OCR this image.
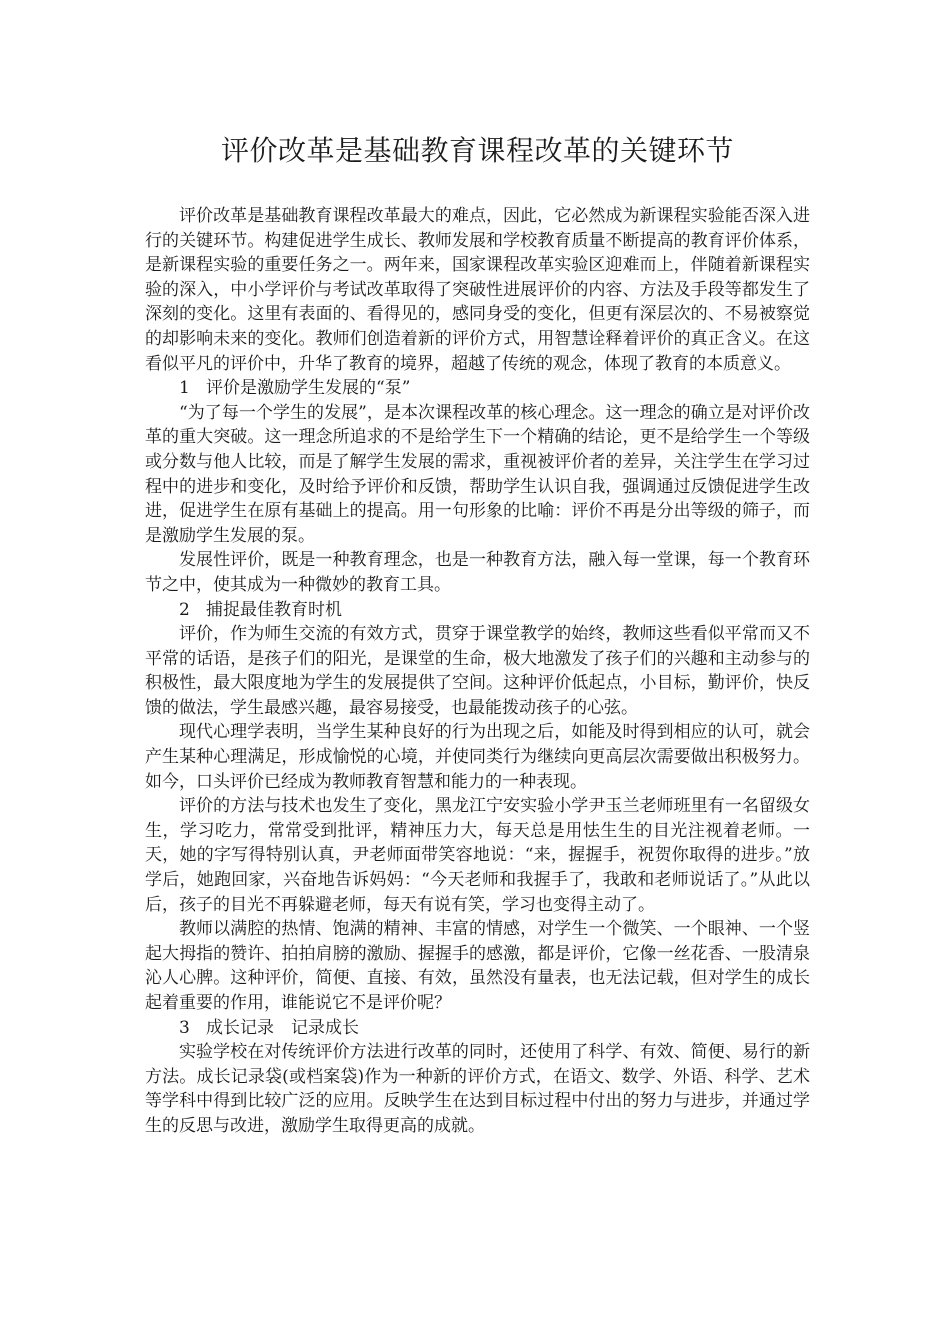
评价改革是基础教育课程改革的关键环节

评价改革是基础教育课程改革最大的难点，因此，它必然成为新课程实验能否深入进行的关键环节。构建促进学生成长、教师发展和学校教育质量不断提高的教育评价体系，是新课程实验的重要任务之一。两年来，国家课程改革实验区迎难而上，伴随着新课程实验的深入，中小学评价与考试改革取得了突破性进展评价的内容、方法及手段等都发生了深刻的变化。这里有表面的、看得见的，感同身受的变化，但更有深层次的、不易被察觉的却影响未来的变化。教师们创造着新的评价方式，用智慧诠释着评价的真正含义。在这看似平凡的评价中，升华了教育的境界，超越了传统的观念，体现了教育的本质意义。

1 评价是激励学生发展的“泵”

“为了每一个学生的发展”，是本次课程改革的核心理念。这一理念的确立是对评价改革的重大突破。这一理念所追求的不是给学生下一个精确的结论，更不是给学生一个等级或分数与他人比较，而是了解学生发展的需求，重视被评价者的差异，关注学生在学习过程中的进步和变化，及时给予评价和反馈，帮助学生认识自我，强调通过反馈促进学生改进，促进学生在原有基础上的提高。用一句形象的比喻：评价不再是分出等级的筛子，而是激励学生发展的泵。

发展性评价，既是一种教育理念，也是一种教育方法，融入每一堂课，每一个教育环节之中，使其成为一种微妙的教育工具。

2 捕捉最佳教育时机

评价，作为师生交流的有效方式，贯穿于课堂教学的始终，教师这些看似平常而又不平常的话语，是孩子们的阳光，是课堂的生命，极大地激发了孩子们的兴趣和主动参与的积极性，最大限度地为学生的发展提供了空间。这种评价低起点，小目标，勤评价，快反馈的做法，学生最感兴趣，最容易接受，也最能拨动孩子的心弦。

现代心理学表明，当学生某种良好的行为出现之后，如能及时得到相应的认可，就会产生某种心理满足，形成愉悦的心境，并使同类行为继续向更高层次需要做出积极努力。如今，口头评价已经成为教师教育智慧和能力的一种表现。

评价的方法与技术也发生了变化，黑龙江宁安实验小学尹玉兰老师班里有一名留级女生，学习吃力，常常受到批评，精神压力大，每天总是用怯生生的目光注视着老师。一天，她的字写得特别认真，尹老师面带笑容地说：“来，握握手，祝贺你取得的进步。”放学后，她跑回家，兴奋地告诉妈妈：“今天老师和我握手了，我敢和老师说话了。”从此以后，孩子的目光不再躲避老师，每天有说有笑，学习也变得主动了。

教师以满腔的热情、饱满的精神、丰富的情感，对学生一个微笑、一个眼神、一个竖起大拇指的赞许、拍拍肩膀的激励、握握手的感激，都是评价，它像一丝花香、一股清泉沁人心脾。这种评价，简便、直接、有效，虽然没有量表，也无法记载，但对学生的成长起着重要的作用，谁能说它不是评价呢？

3 成长记录　记录成长

实验学校在对传统评价方法进行改革的同时，还使用了科学、有效、简便、易行的新方法。成长记录袋(或档案袋)作为一种新的评价方式，在语文、数学、外语、科学、艺术等学科中得到比较广泛的应用。反映学生在达到目标过程中付出的努力与进步，并通过学生的反思与改进，激励学生取得更高的成就。
